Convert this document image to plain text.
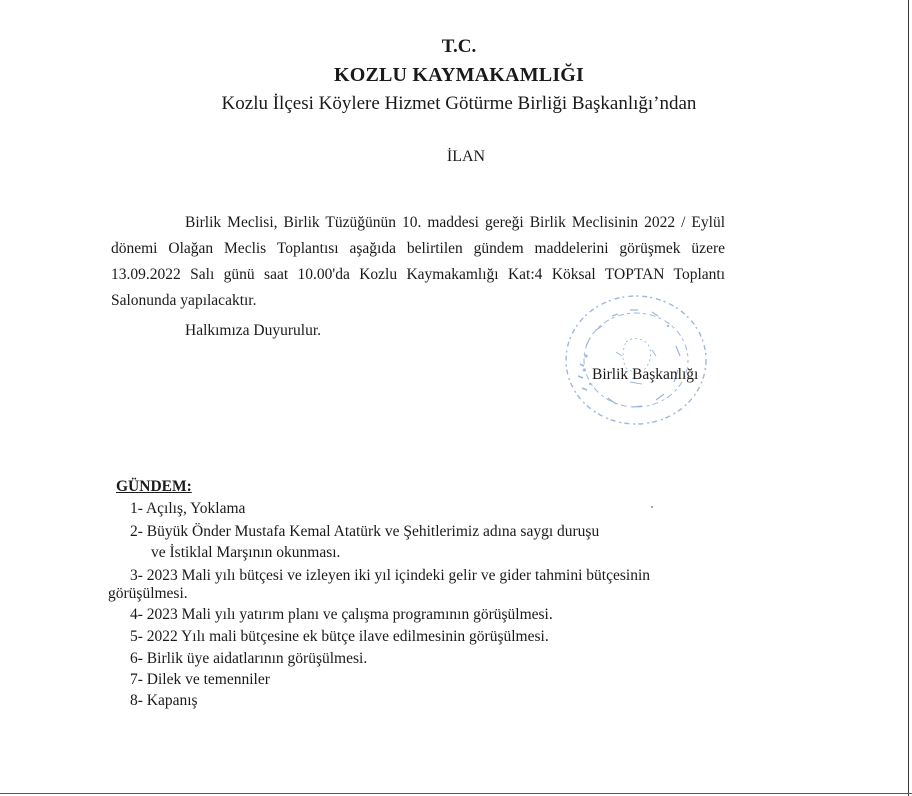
T.C.
KOZLU KAYMAKAMLIĞI
Kozlu İlçesi Köylere Hizmet Götürme Birliği Başkanlığı’ndan
İLAN
Birlik Meclisi, Birlik Tüzüğünün 10. maddesi gereği Birlik Meclisinin 2022 / Eylül dönemi Olağan Meclis Toplantısı aşağıda belirtilen gündem maddelerini görüşmek üzere 13.09.2022 Salı günü saat 10.00'da Kozlu Kaymakamlığı Kat:4 Köksal TOPTAN Toplantı Salonunda yapılacaktır.
Halkımıza Duyurulur.
Birlik Başkanlığı
GÜNDEM:
1- Açılış, Yoklama
2- Büyük Önder Mustafa Kemal Atatürk ve Şehitlerimiz adına saygı duruşu
ve İstiklal Marşının okunması.
3- 2023 Mali yılı bütçesi ve izleyen iki yıl içindeki gelir ve gider tahmini bütçesinin
görüşülmesi.
4- 2023 Mali yılı yatırım planı ve çalışma programının görüşülmesi.
5- 2022 Yılı mali bütçesine ek bütçe ilave edilmesinin görüşülmesi.
6- Birlik üye aidatlarının görüşülmesi.
7- Dilek ve temenniler
8- Kapanış
